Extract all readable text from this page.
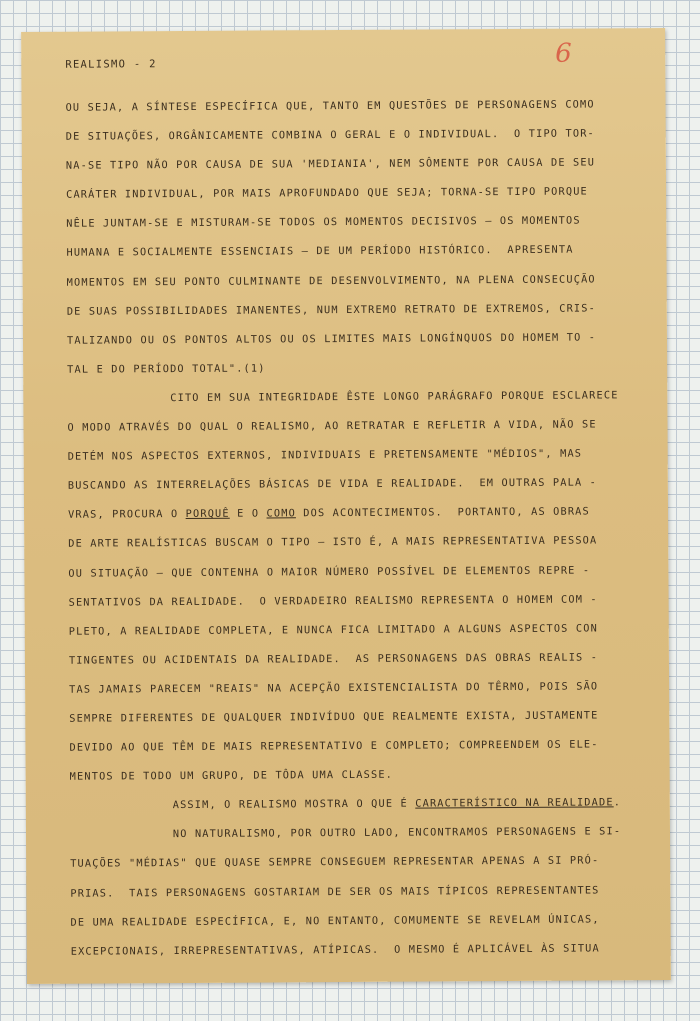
REALISMO - 2	6
OU SEJA, A SÍNTESE ESPECÍFICA QUE, TANTO EM QUESTÕES DE PERSONAGENS COMO
DE SITUAÇÕES, ORGÂNICAMENTE COMBINA O GERAL E O INDIVIDUAL.  O TIPO TOR-
NA-SE TIPO NÃO POR CAUSA DE SUA 'MEDIANIA', NEM SÔMENTE POR CAUSA DE SEU
CARÁTER INDIVIDUAL, POR MAIS APROFUNDADO QUE SEJA; TORNA-SE TIPO PORQUE
NÊLE JUNTAM-SE E MISTURAM-SE TODOS OS MOMENTOS DECISIVOS — OS MOMENTOS
HUMANA E SOCIALMENTE ESSENCIAIS — DE UM PERÍODO HISTÓRICO.  APRESENTA
MOMENTOS EM SEU PONTO CULMINANTE DE DESENVOLVIMENTO, NA PLENA CONSECUÇÃO
DE SUAS POSSIBILIDADES IMANENTES, NUM EXTREMO RETRATO DE EXTREMOS, CRIS-
TALIZANDO OU OS PONTOS ALTOS OU OS LIMITES MAIS LONGÍNQUOS DO HOMEM TO -
TAL E DO PERÍODO TOTAL".(1)
CITO EM SUA INTEGRIDADE ÊSTE LONGO PARÁGRAFO PORQUE ESCLARECE
O MODO ATRAVÉS DO QUAL O REALISMO, AO RETRATAR E REFLETIR A VIDA, NÃO SE
DETÉM NOS ASPECTOS EXTERNOS, INDIVIDUAIS E PRETENSAMENTE "MÉDIOS", MAS
BUSCANDO AS INTERRELAÇÕES BÁSICAS DE VIDA E REALIDADE.  EM OUTRAS PALA -
VRAS, PROCURA O PORQUÊ E O COMO DOS ACONTECIMENTOS.  PORTANTO, AS OBRAS
DE ARTE REALÍSTICAS BUSCAM O TIPO — ISTO É, A MAIS REPRESENTATIVA PESSOA
OU SITUAÇÃO — QUE CONTENHA O MAIOR NÚMERO POSSÍVEL DE ELEMENTOS REPRE -
SENTATIVOS DA REALIDADE.  O VERDADEIRO REALISMO REPRESENTA O HOMEM COM -
PLETO, A REALIDADE COMPLETA, E NUNCA FICA LIMITADO A ALGUNS ASPECTOS CON
TINGENTES OU ACIDENTAIS DA REALIDADE.  AS PERSONAGENS DAS OBRAS REALIS -
TAS JAMAIS PARECEM "REAIS" NA ACEPÇÃO EXISTENCIALISTA DO TÊRMO, POIS SÃO
SEMPRE DIFERENTES DE QUALQUER INDIVÍDUO QUE REALMENTE EXISTA, JUSTAMENTE
DEVIDO AO QUE TÊM DE MAIS REPRESENTATIVO E COMPLETO; COMPREENDEM OS ELE-
MENTOS DE TODO UM GRUPO, DE TÔDA UMA CLASSE.
ASSIM, O REALISMO MOSTRA O QUE É CARACTERÍSTICO NA REALIDADE.
NO NATURALISMO, POR OUTRO LADO, ENCONTRAMOS PERSONAGENS E SI-
TUAÇÕES "MÉDIAS" QUE QUASE SEMPRE CONSEGUEM REPRESENTAR APENAS A SI PRÓ-
PRIAS.  TAIS PERSONAGENS GOSTARIAM DE SER OS MAIS TÍPICOS REPRESENTANTES
DE UMA REALIDADE ESPECÍFICA, E, NO ENTANTO, COMUMENTE SE REVELAM ÚNICAS,
EXCEPCIONAIS, IRREPRESENTATIVAS, ATÍPICAS.  O MESMO É APLICÁVEL ÀS SITUA
